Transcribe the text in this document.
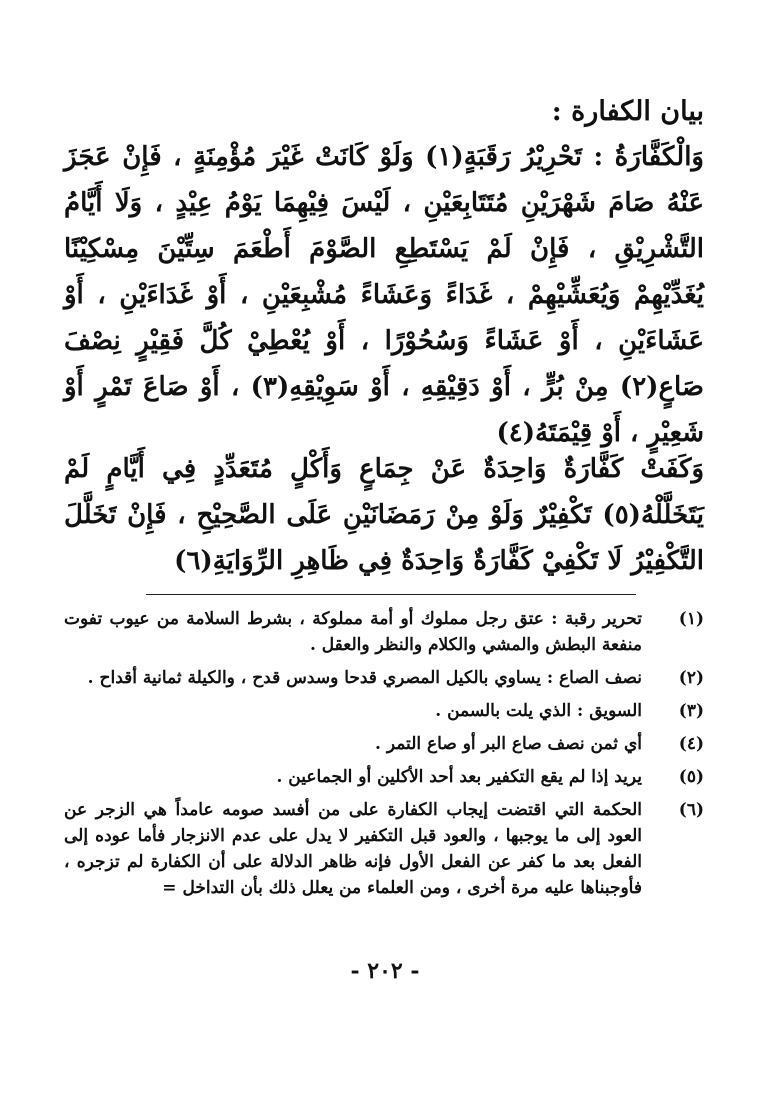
بيان الكفارة :

وَالْكَفَّارَةُ : تَحْرِيْرُ رَقَبَةٍ(١) وَلَوْ كَانَتْ غَيْرَ مُؤْمِنَةٍ ، فَإِنْ عَجَزَ عَنْهُ صَامَ شَهْرَيْنِ مُتَتَابِعَيْنِ ، لَيْسَ فِيْهِمَا يَوْمُ عِيْدٍ ، وَلَا أَيَّامُ التَّشْرِيْقِ ، فَإِنْ لَمْ يَسْتَطِعِ الصَّوْمَ أَطْعَمَ سِتِّيْنَ مِسْكِيْنًا يُغَدِّيْهِمْ وَيُعَشِّيْهِمْ ، غَدَاءً وَعَشَاءً مُشْبِعَيْنِ ، أَوْ غَدَاءَيْنِ ، أَوْ عَشَاءَيْنِ ، أَوْ عَشَاءً وَسُحُوْرًا ، أَوْ يُعْطِيْ كُلَّ فَقِيْرٍ نِصْفَ صَاعٍ(٢) مِنْ بُرٍّ ، أَوْ دَقِيْقِهِ ، أَوْ سَوِيْقِهِ(٣) ، أَوْ صَاعَ تَمْرٍ أَوْ شَعِيْرٍ ، أَوْ قِيْمَتَهُ(٤)

وَكَفَتْ كَفَّارَةٌ وَاحِدَةٌ عَنْ جِمَاعٍ وَأَكْلٍ مُتَعَدِّدٍ فِي أَيَّامٍ لَمْ يَتَخَلَّلْهُ(٥) تَكْفِيْرٌ وَلَوْ مِنْ رَمَضَانَيْنِ عَلَى الصَّحِيْحِ ، فَإِنْ تَخَلَّلَ التَّكْفِيْرُ لَا تَكْفِيْ كَفَّارَةٌ وَاحِدَةٌ فِي ظَاهِرِ الرِّوَايَةِ(٦)

(١)
تحرير رقبة : عتق رجل مملوك أو أمة مملوكة ، بشرط السلامة من عيوب تفوت منفعة البطش والمشي والكلام والنظر والعقل .
(٢)
نصف الصاع : يساوي بالكيل المصري قدحا وسدس قدح ، والكيلة ثمانية أقداح .
(٣)
السويق : الذي يلت بالسمن .
(٤)
أي ثمن نصف صاع البر أو صاع التمر .
(٥)
يريد إذا لم يقع التكفير بعد أحد الأكلين أو الجماعين .
(٦)
الحكمة التي اقتضت إيجاب الكفارة على من أفسد صومه عامداً هي الزجر عن العود إلى ما يوجبها ، والعود قبل التكفير لا يدل على عدم الانزجار فأما عوده إلى الفعل بعد ما كفر عن الفعل الأول فإنه ظاهر الدلالة على أن الكفارة لم تزجره ، فأوجبناها عليه مرة أخرى ، ومن العلماء من يعلل ذلك بأن التداخل =
- ٢٠٢ -
